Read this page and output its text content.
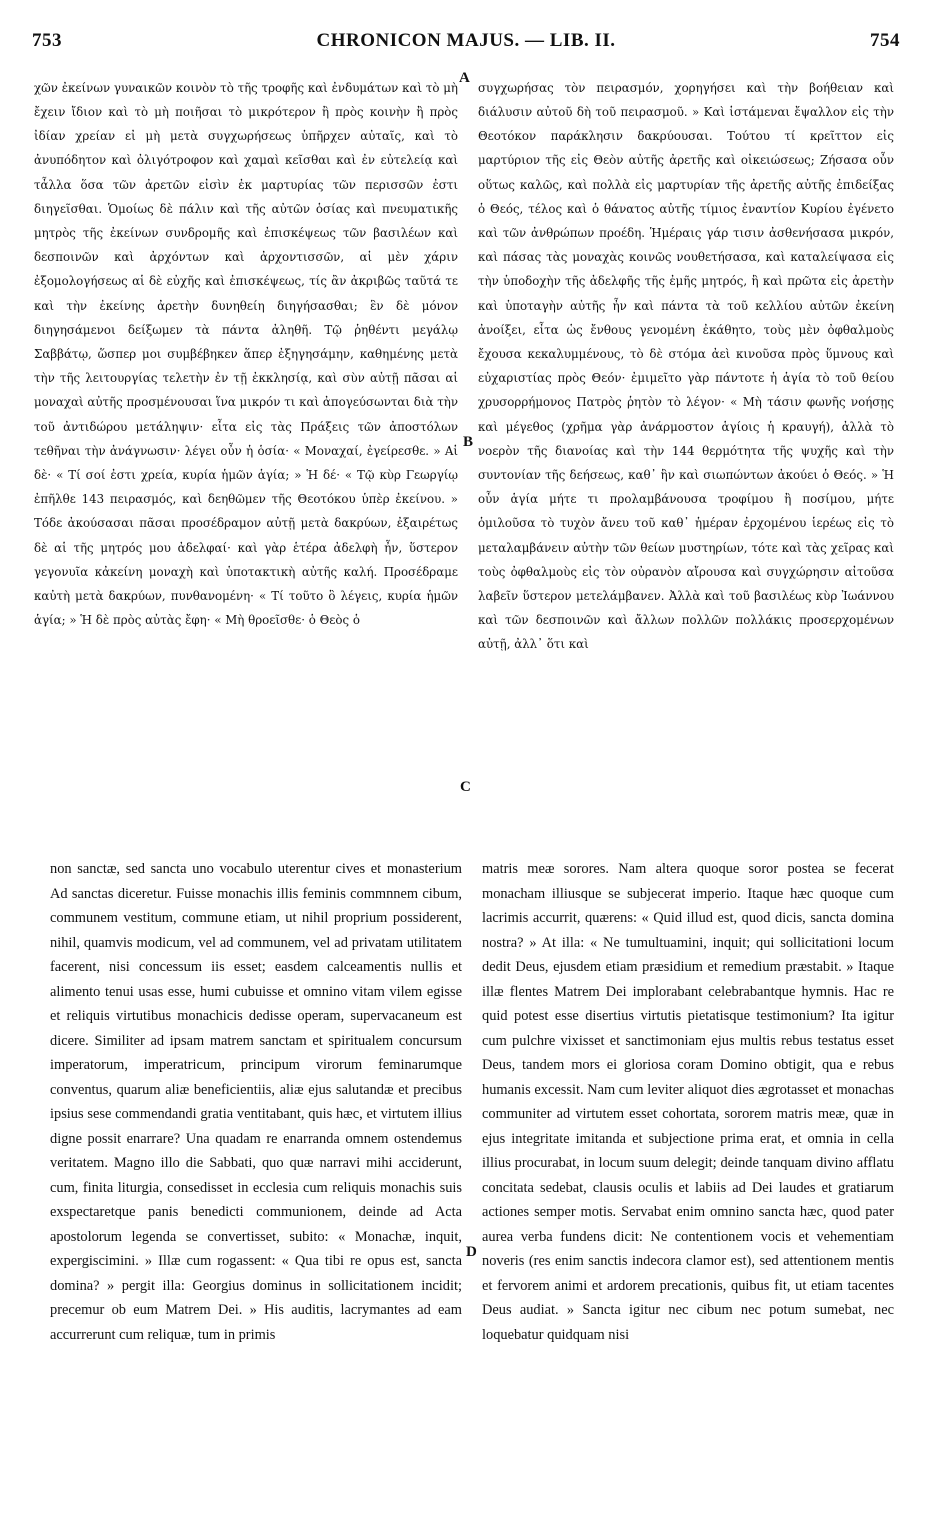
753	CHRONICON MAJUS. — LIB. II.	754

χῶν ἐκείνων γυναικῶν κοινὸν τὸ τῆς τροφῆς καὶ ἐνδυμάτων καὶ τὸ μὴ ἔχειν ἴδιον καὶ τὸ μὴ ποιῆσαι τὸ μικρότερον ἢ πρὸς κοινὴν ἢ πρὸς ἰδίαν χρείαν εἰ μὴ μετὰ συγχωρήσεως ὑπῆρχεν αὐταῖς, καὶ τὸ ἀνυπόδητον καὶ ὀλιγότροφον καὶ χαμαὶ κεῖσθαι καὶ ἐν εὐτελείᾳ καὶ τἆλλα ὅσα τῶν ἀρετῶν εἰσὶν ἐκ μαρτυρίας τῶν περισσῶν ἐστι διηγεῖσθαι. Ὁμοίως δὲ πάλιν καὶ τῆς αὐτῶν ὁσίας καὶ πνευματικῆς μητρὸς τῆς ἐκείνων συνδρομῆς καὶ ἐπισκέψεως τῶν βασιλέων καὶ δεσποινῶν καὶ ἀρχόντων καὶ ἀρχοντισσῶν, αἱ μὲν χάριν ἐξομολογήσεως αἱ δὲ εὐχῆς καὶ ἐπισκέψεως, τίς ἂν ἀκριβῶς ταῦτά τε καὶ τὴν ἐκείνης ἀρετὴν δυνηθείη διηγήσασθαι; ἓν δὲ μόνον διηγησάμενοι δείξωμεν τὰ πάντα ἀληθῆ. Τῷ ῥηθέντι μεγάλῳ Σαββάτῳ, ὥσπερ μοι συμβέβηκεν ἅπερ ἐξηγησάμην, καθημένης μετὰ τὴν τῆς λειτουργίας τελετὴν ἐν τῇ ἐκκλησίᾳ, καὶ σὺν αὐτῇ πᾶσαι αἱ μοναχαὶ αὐτῆς προσμένουσαι ἵνα μικρόν τι καὶ ἀπογεύσωνται διὰ τὴν τοῦ ἀντιδώρου μετάληψιν· εἶτα εἰς τὰς Πράξεις τῶν ἀποστόλων τεθῆναι τὴν ἀνάγνωσιν· λέγει οὖν ἡ ὁσία· « Μοναχαί, ἐγείρεσθε. » Αἱ δὲ· « Τί σοί ἐστι χρεία, κυρία ἡμῶν ἁγία; » Ἡ δέ· « Τῷ κὺρ Γεωργίῳ ἐπῆλθε 143 πειρασμός, καὶ δεηθῶμεν τῆς Θεοτόκου ὑπὲρ ἐκείνου. » Τόδε ἀκούσασαι πᾶσαι προσέδραμον αὐτῇ μετὰ δακρύων, ἐξαιρέτως δὲ αἱ τῆς μητρός μου ἀδελφαί· καὶ γὰρ ἑτέρα ἀδελφὴ ἦν, ὕστερον γεγονυῖα κἀκείνη μοναχὴ καὶ ὑποτακτικὴ αὐτῆς καλή. Προσέδραμε καὐτὴ μετὰ δακρύων, πυνθανομένη· « Τί τοῦτο ὃ λέγεις, κυρία ἡμῶν ἁγία; » Ἡ δὲ πρὸς αὐτὰς ἔφη· « Μὴ θροεῖσθε· ὁ Θεὸς ὁ

συγχωρήσας τὸν πειρασμόν, χορηγήσει καὶ τὴν βοήθειαν καὶ διάλυσιν αὐτοῦ δὴ τοῦ πειρασμοῦ. » Καὶ ἱστάμεναι ἔψαλλον εἰς τὴν Θεοτόκον παράκλησιν δακρύουσαι. Τούτου τί κρεῖττον εἰς μαρτύριον τῆς εἰς Θεὸν αὐτῆς ἀρετῆς καὶ οἰκειώσεως; Ζήσασα οὖν οὕτως καλῶς, καὶ πολλὰ εἰς μαρτυρίαν τῆς ἀρετῆς αὐτῆς ἐπιδείξας ὁ Θεός, τέλος καὶ ὁ θάνατος αὐτῆς τίμιος ἐναντίον Κυρίου ἐγένετο καὶ τῶν ἀνθρώπων προέδη. Ἡμέραις γάρ τισιν ἀσθενήσασα μικρόν, καὶ πάσας τὰς μοναχὰς κοινῶς νουθετήσασα, καὶ καταλείψασα εἰς τὴν ὑποδοχὴν τῆς ἀδελφῆς τῆς ἐμῆς μητρός, ἣ καὶ πρῶτα εἰς ἀρετὴν καὶ ὑποταγὴν αὐτῆς ἦν καὶ πάντα τὰ τοῦ κελλίου αὐτῶν ἐκείνη ἀνοίξει, εἶτα ὡς ἔνθους γενομένη ἐκάθητο, τοὺς μὲν ὀφθαλμοὺς ἔχουσα κεκαλυμμένους, τὸ δὲ στόμα ἀεὶ κινοῦσα πρὸς ὕμνους καὶ εὐχαριστίας πρὸς Θεόν· ἐμιμεῖτο γὰρ πάντοτε ἡ ἁγία τὸ τοῦ θείου χρυσορρήμονος Πατρὸς ῥητὸν τὸ λέγον· « Μὴ τάσιν φωνῆς νοήσῃς καὶ μέγεθος (χρῆμα γὰρ ἀνάρμοστον ἁγίοις ἡ κραυγή), ἀλλὰ τὸ νοερὸν τῆς διανοίας καὶ τὴν 144 θερμότητα τῆς ψυχῆς καὶ τὴν συντονίαν τῆς δεήσεως, καθ᾽ ἣν καὶ σιωπώντων ἀκούει ὁ Θεός. » Ἡ οὖν ἁγία μήτε τι προλαμβάνουσα τροφίμου ἢ ποσίμου, μήτε ὁμιλοῦσα τὸ τυχὸν ἄνευ τοῦ καθ᾽ ἡμέραν ἐρχομένου ἱερέως εἰς τὸ μεταλαμβάνειν αὐτὴν τῶν θείων μυστηρίων, τότε καὶ τὰς χεῖρας καὶ τοὺς ὀφθαλμοὺς εἰς τὸν οὐρανὸν αἴρουσα καὶ συγχώρησιν αἰτοῦσα λαβεῖν ὕστερον μετελάμβανεν. Ἀλλὰ καὶ τοῦ βασιλέως κὺρ Ἰωάννου καὶ τῶν δεσποινῶν καὶ ἄλλων πολλῶν πολλάκις προσερχομένων αὐτῇ, ἀλλ᾽ ὅτι καὶ

A
B
C
D

non sanctæ, sed sancta uno vocabulo uterentur cives et monasterium Ad sanctas diceretur. Fuisse monachis illis feminis commnnem cibum, communem vestitum, commune etiam, ut nihil proprium possiderent, nihil, quamvis modicum, vel ad communem, vel ad privatam utilitatem facerent, nisi concessum iis esset; easdem calceamentis nullis et alimento tenui usas esse, humi cubuisse et omnino vitam vilem egisse et reliquis virtutibus monachicis dedisse operam, supervacaneum est dicere. Similiter ad ipsam matrem sanctam et spiritualem concursum imperatorum, imperatricum, principum virorum feminarumque conventus, quarum aliæ beneficientiis, aliæ ejus salutandæ et precibus ipsius sese commendandi gratia ventitabant, quis hæc, et virtutem illius digne possit enarrare? Una quadam re enarranda omnem ostendemus veritatem. Magno illo die Sabbati, quo quæ narravi mihi acciderunt, cum, finita liturgia, consedisset in ecclesia cum reliquis monachis suis exspectaretque panis benedicti communionem, deinde ad Acta apostolorum legenda se convertisset, subito: « Monachæ, inquit, expergiscimini. » Illæ cum rogassent: « Qua tibi re opus est, sancta domina? » pergit illa: Georgius dominus in sollicitationem incidit; precemur ob eum Matrem Dei. » His auditis, lacrymantes ad eam accurrerunt cum reliquæ, tum in primis

matris meæ sorores. Nam altera quoque soror postea se fecerat monacham illiusque se subjecerat imperio. Itaque hæc quoque cum lacrimis accurrit, quærens: « Quid illud est, quod dicis, sancta domina nostra? » At illa: « Ne tumultuamini, inquit; qui sollicitationi locum dedit Deus, ejusdem etiam præsidium et remedium præstabit. » Itaque illæ flentes Matrem Dei implorabant celebrabantque hymnis. Hac re quid potest esse disertius virtutis pietatisque testimonium? Ita igitur cum pulchre vixisset et sanctimoniam ejus multis rebus testatus esset Deus, tandem mors ei gloriosa coram Domino obtigit, qua e rebus humanis excessit. Nam cum leviter aliquot dies ægrotasset et monachas communiter ad virtutem esset cohortata, sororem matris meæ, quæ in ejus integritate imitanda et subjectione prima erat, et omnia in cella illius procurabat, in locum suum delegit; deinde tanquam divino afflatu concitata sedebat, clausis oculis et labiis ad Dei laudes et gratiarum actiones semper motis. Servabat enim omnino sancta hæc, quod pater aurea verba fundens dicit: Ne contentionem vocis et vehementiam noveris (res enim sanctis indecora clamor est), sed attentionem mentis et fervorem animi et ardorem precationis, quibus fit, ut etiam tacentes Deus audiat. » Sancta igitur nec cibum nec potum sumebat, nec loquebatur quidquam nisi
